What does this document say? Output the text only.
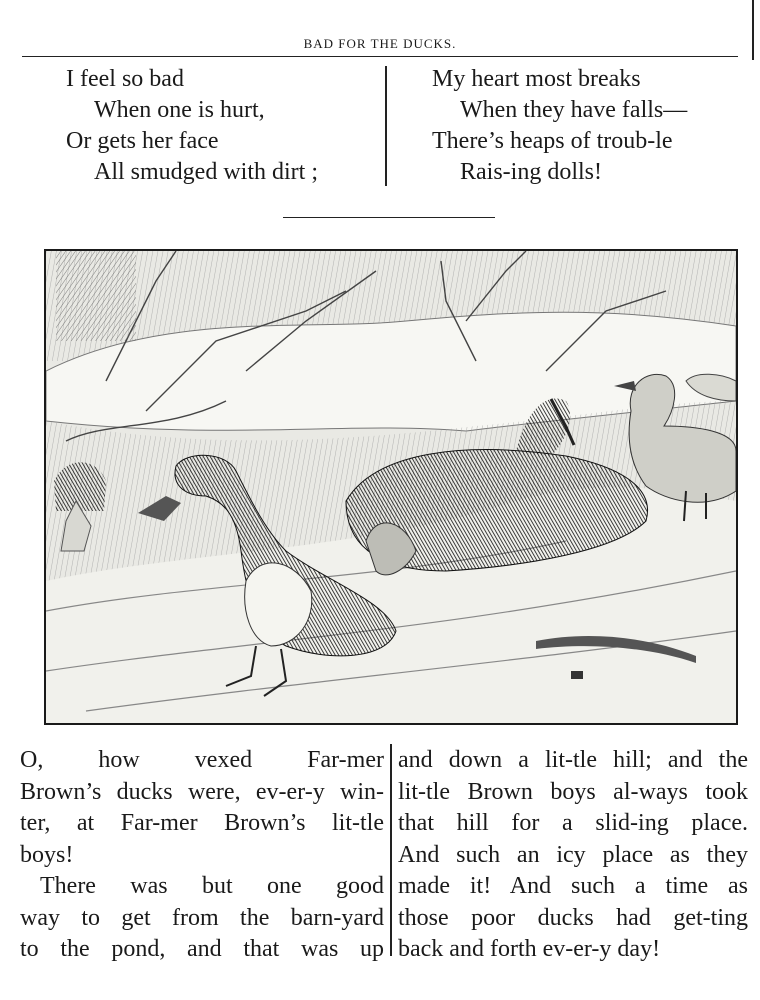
BAD FOR THE DUCKS.
I feel so bad
When one is hurt,
Or gets her face
All smudged with dirt ;
My heart most breaks
When they have falls—
There’s heaps of troub-le
Rais-ing dolls!
O, how vexed Far-mer
Brown’s ducks were, ev-er-y win-
ter, at Far-mer Brown’s lit-tle
boys!
There was but one good
way to get from the barn-yard
to the pond, and that was up
and down a lit-tle hill; and the
lit-tle Brown boys al-ways took
that hill for a slid-ing place.
And such an icy place as they
made it! And such a time as
those poor ducks had get-ting
back and forth ev-er-y day!
